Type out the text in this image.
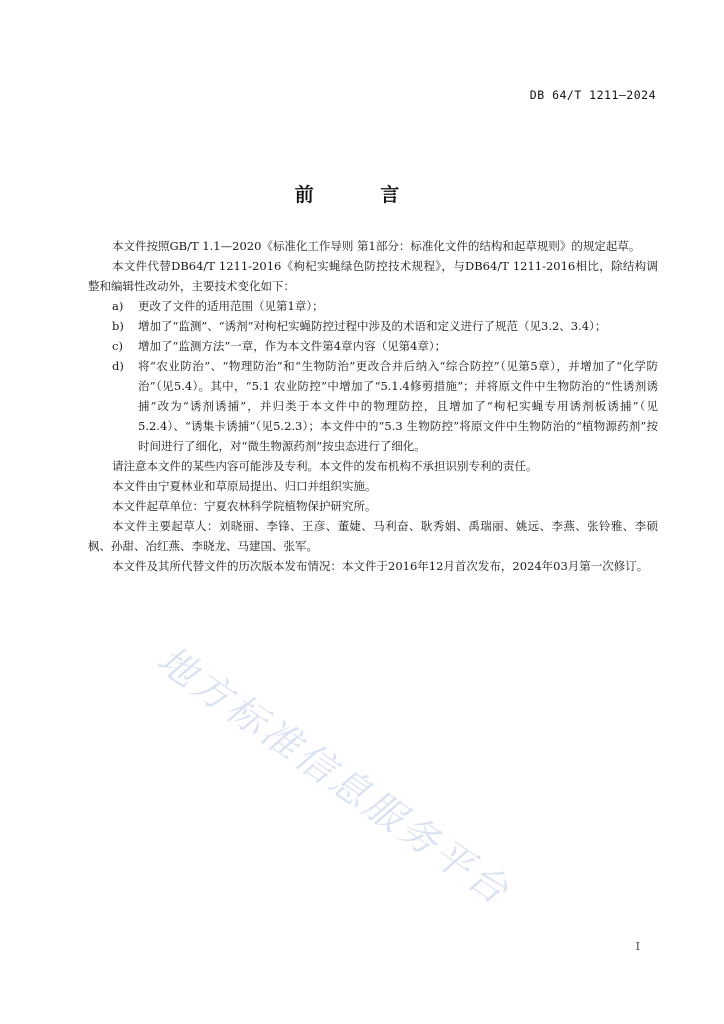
DB 64/T 1211—2024
前 言

本文件按照GB/T 1.1—2020《标准化工作导则 第1部分：标准化文件的结构和起草规则》的规定起草。

本文件代替DB64/T 1211-2016《枸杞实蝇绿色防控技术规程》，与DB64/T 1211-2016相比，除结构调整和编辑性改动外，主要技术变化如下：

a)	更改了文件的适用范围（见第1章）；
b)	增加了“监测”、“诱剂”对枸杞实蝇防控过程中涉及的术语和定义进行了规范（见3.2、3.4）；
c)	增加了“监测方法”一章，作为本文件第4章内容（见第4章）；
d)	将“农业防治”、“物理防治”和“生物防治”更改合并后纳入“综合防控”（见第5章），并增加了“化学防治”（见5.4）。其中，“5.1 农业防控”中增加了“5.1.4修剪措施”；并将原文件中生物防治的“性诱剂诱捕”改为“诱剂诱捕”，并归类于本文件中的物理防控，且增加了“枸杞实蝇专用诱剂板诱捕”（见5.2.4）、“诱集卡诱捕”（见5.2.3）；本文件中的“5.3 生物防控”将原文件中生物防治的“植物源药剂”按时间进行了细化，对“微生物源药剂”按虫态进行了细化。

请注意本文件的某些内容可能涉及专利。本文件的发布机构不承担识别专利的责任。

本文件由宁夏林业和草原局提出、归口并组织实施。

本文件起草单位：宁夏农林科学院植物保护研究所。

本文件主要起草人：刘晓丽、李锋、王彦、董婕、马利奋、耿秀娟、禹瑞丽、姚远、李燕、张铃雅、李硕枫、孙甜、冶红燕、李晓龙、马建国、张军。

本文件及其所代替文件的历次版本发布情况：本文件于2016年12月首次发布，2024年03月第一次修订。

地方标准信息服务平台
I
